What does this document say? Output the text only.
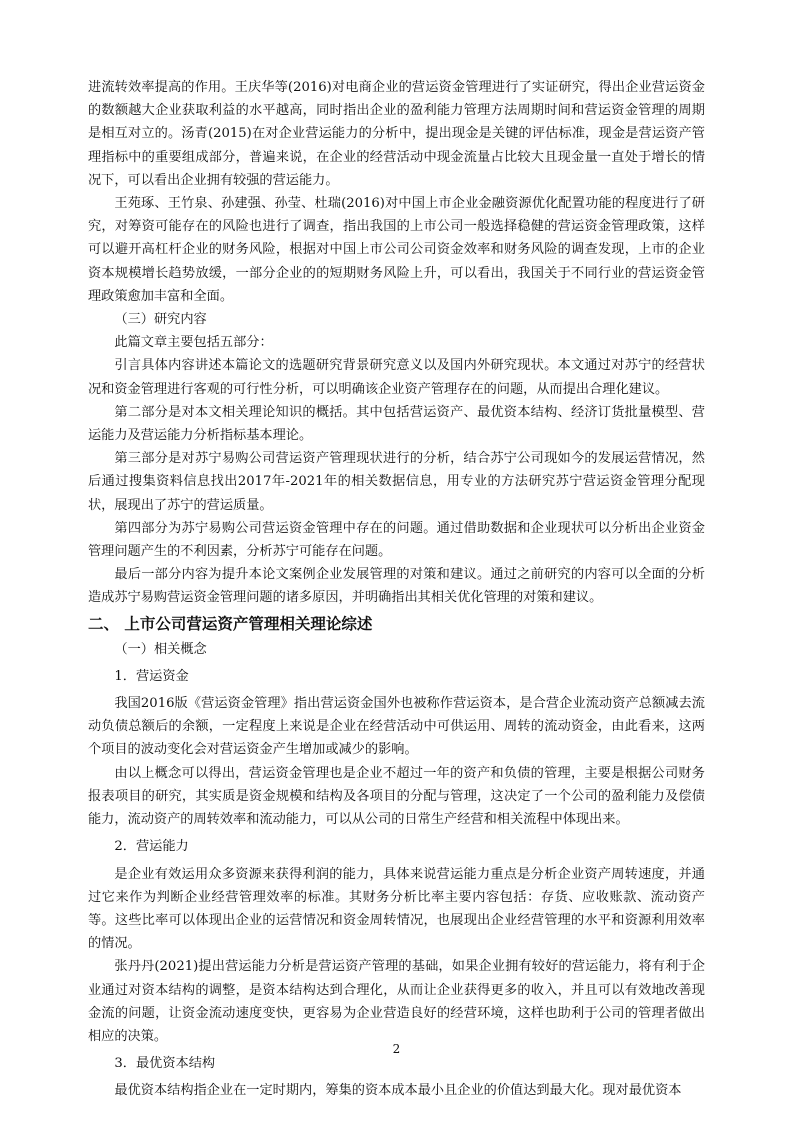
进流转效率提高的作用。王庆华等(2016)对电商企业的营运资金管理进行了实证研究，得出企业营运资金的数额越大企业获取利益的水平越高，同时指出企业的盈利能力管理方法周期时间和营运资金管理的周期是相互对立的。汤青(2015)在对企业营运能力的分析中，提出现金是关键的评估标准，现金是营运资产管理指标中的重要组成部分，普遍来说，在企业的经营活动中现金流量占比较大且现金量一直处于增长的情况下，可以看出企业拥有较强的营运能力。

王苑琢、王竹泉、孙建强、孙莹、杜瑞(2016)对中国上市企业金融资源优化配置功能的程度进行了研究，对筹资可能存在的风险也进行了调查，指出我国的上市公司一般选择稳健的营运资金管理政策，这样可以避开高杠杆企业的财务风险，根据对中国上市公司公司资金效率和财务风险的调查发现，上市的企业资本规模增长趋势放缓，一部分企业的的短期财务风险上升，可以看出，我国关于不同行业的营运资金管理政策愈加丰富和全面。

（三）研究内容

此篇文章主要包括五部分：

引言具体内容讲述本篇论文的选题研究背景研究意义以及国内外研究现状。本文通过对苏宁的经营状况和资金管理进行客观的可行性分析，可以明确该企业资产管理存在的问题，从而提出合理化建议。

第二部分是对本文相关理论知识的概括。其中包括营运资产、最优资本结构、经济订货批量模型、营运能力及营运能力分析指标基本理论。

第三部分是对苏宁易购公司营运资产管理现状进行的分析，结合苏宁公司现如今的发展运营情况，然后通过搜集资料信息找出2017年-2021年的相关数据信息，用专业的方法研究苏宁营运资金管理分配现状，展现出了苏宁的营运质量。

第四部分为苏宁易购公司营运资金管理中存在的问题。通过借助数据和企业现状可以分析出企业资金管理问题产生的不利因素，分析苏宁可能存在问题。

最后一部分内容为提升本论文案例企业发展管理的对策和建议。通过之前研究的内容可以全面的分析造成苏宁易购营运资金管理问题的诸多原因，并明确指出其相关优化管理的对策和建议。

二、 上市公司营运资产管理相关理论综述

（一）相关概念

1．营运资金

我国2016版《营运资金管理》指出营运资金国外也被称作营运资本，是合营企业流动资产总额减去流动负债总额后的余额，一定程度上来说是企业在经营活动中可供运用、周转的流动资金，由此看来，这两个项目的波动变化会对营运资金产生增加或减少的影响。

由以上概念可以得出，营运资金管理也是企业不超过一年的资产和负债的管理，主要是根据公司财务报表项目的研究，其实质是资金规模和结构及各项目的分配与管理，这决定了一个公司的盈利能力及偿债能力，流动资产的周转效率和流动能力，可以从公司的日常生产经营和相关流程中体现出来。

2．营运能力

是企业有效运用众多资源来获得利润的能力，具体来说营运能力重点是分析企业资产周转速度，并通过它来作为判断企业经营管理效率的标准。其财务分析比率主要内容包括：存货、应收账款、流动资产等。这些比率可以体现出企业的运营情况和资金周转情况，也展现出企业经营管理的水平和资源利用效率的情况。

张丹丹(2021)提出营运能力分析是营运资产管理的基础，如果企业拥有较好的营运能力，将有利于企业通过对资本结构的调整，是资本结构达到合理化，从而让企业获得更多的收入，并且可以有效地改善现金流的问题，让资金流动速度变快，更容易为企业营造良好的经营环境，这样也助利于公司的管理者做出相应的决策。

3．最优资本结构

最优资本结构指企业在一定时期内，筹集的资本成本最小且企业的价值达到最大化。现对最优资本

2
